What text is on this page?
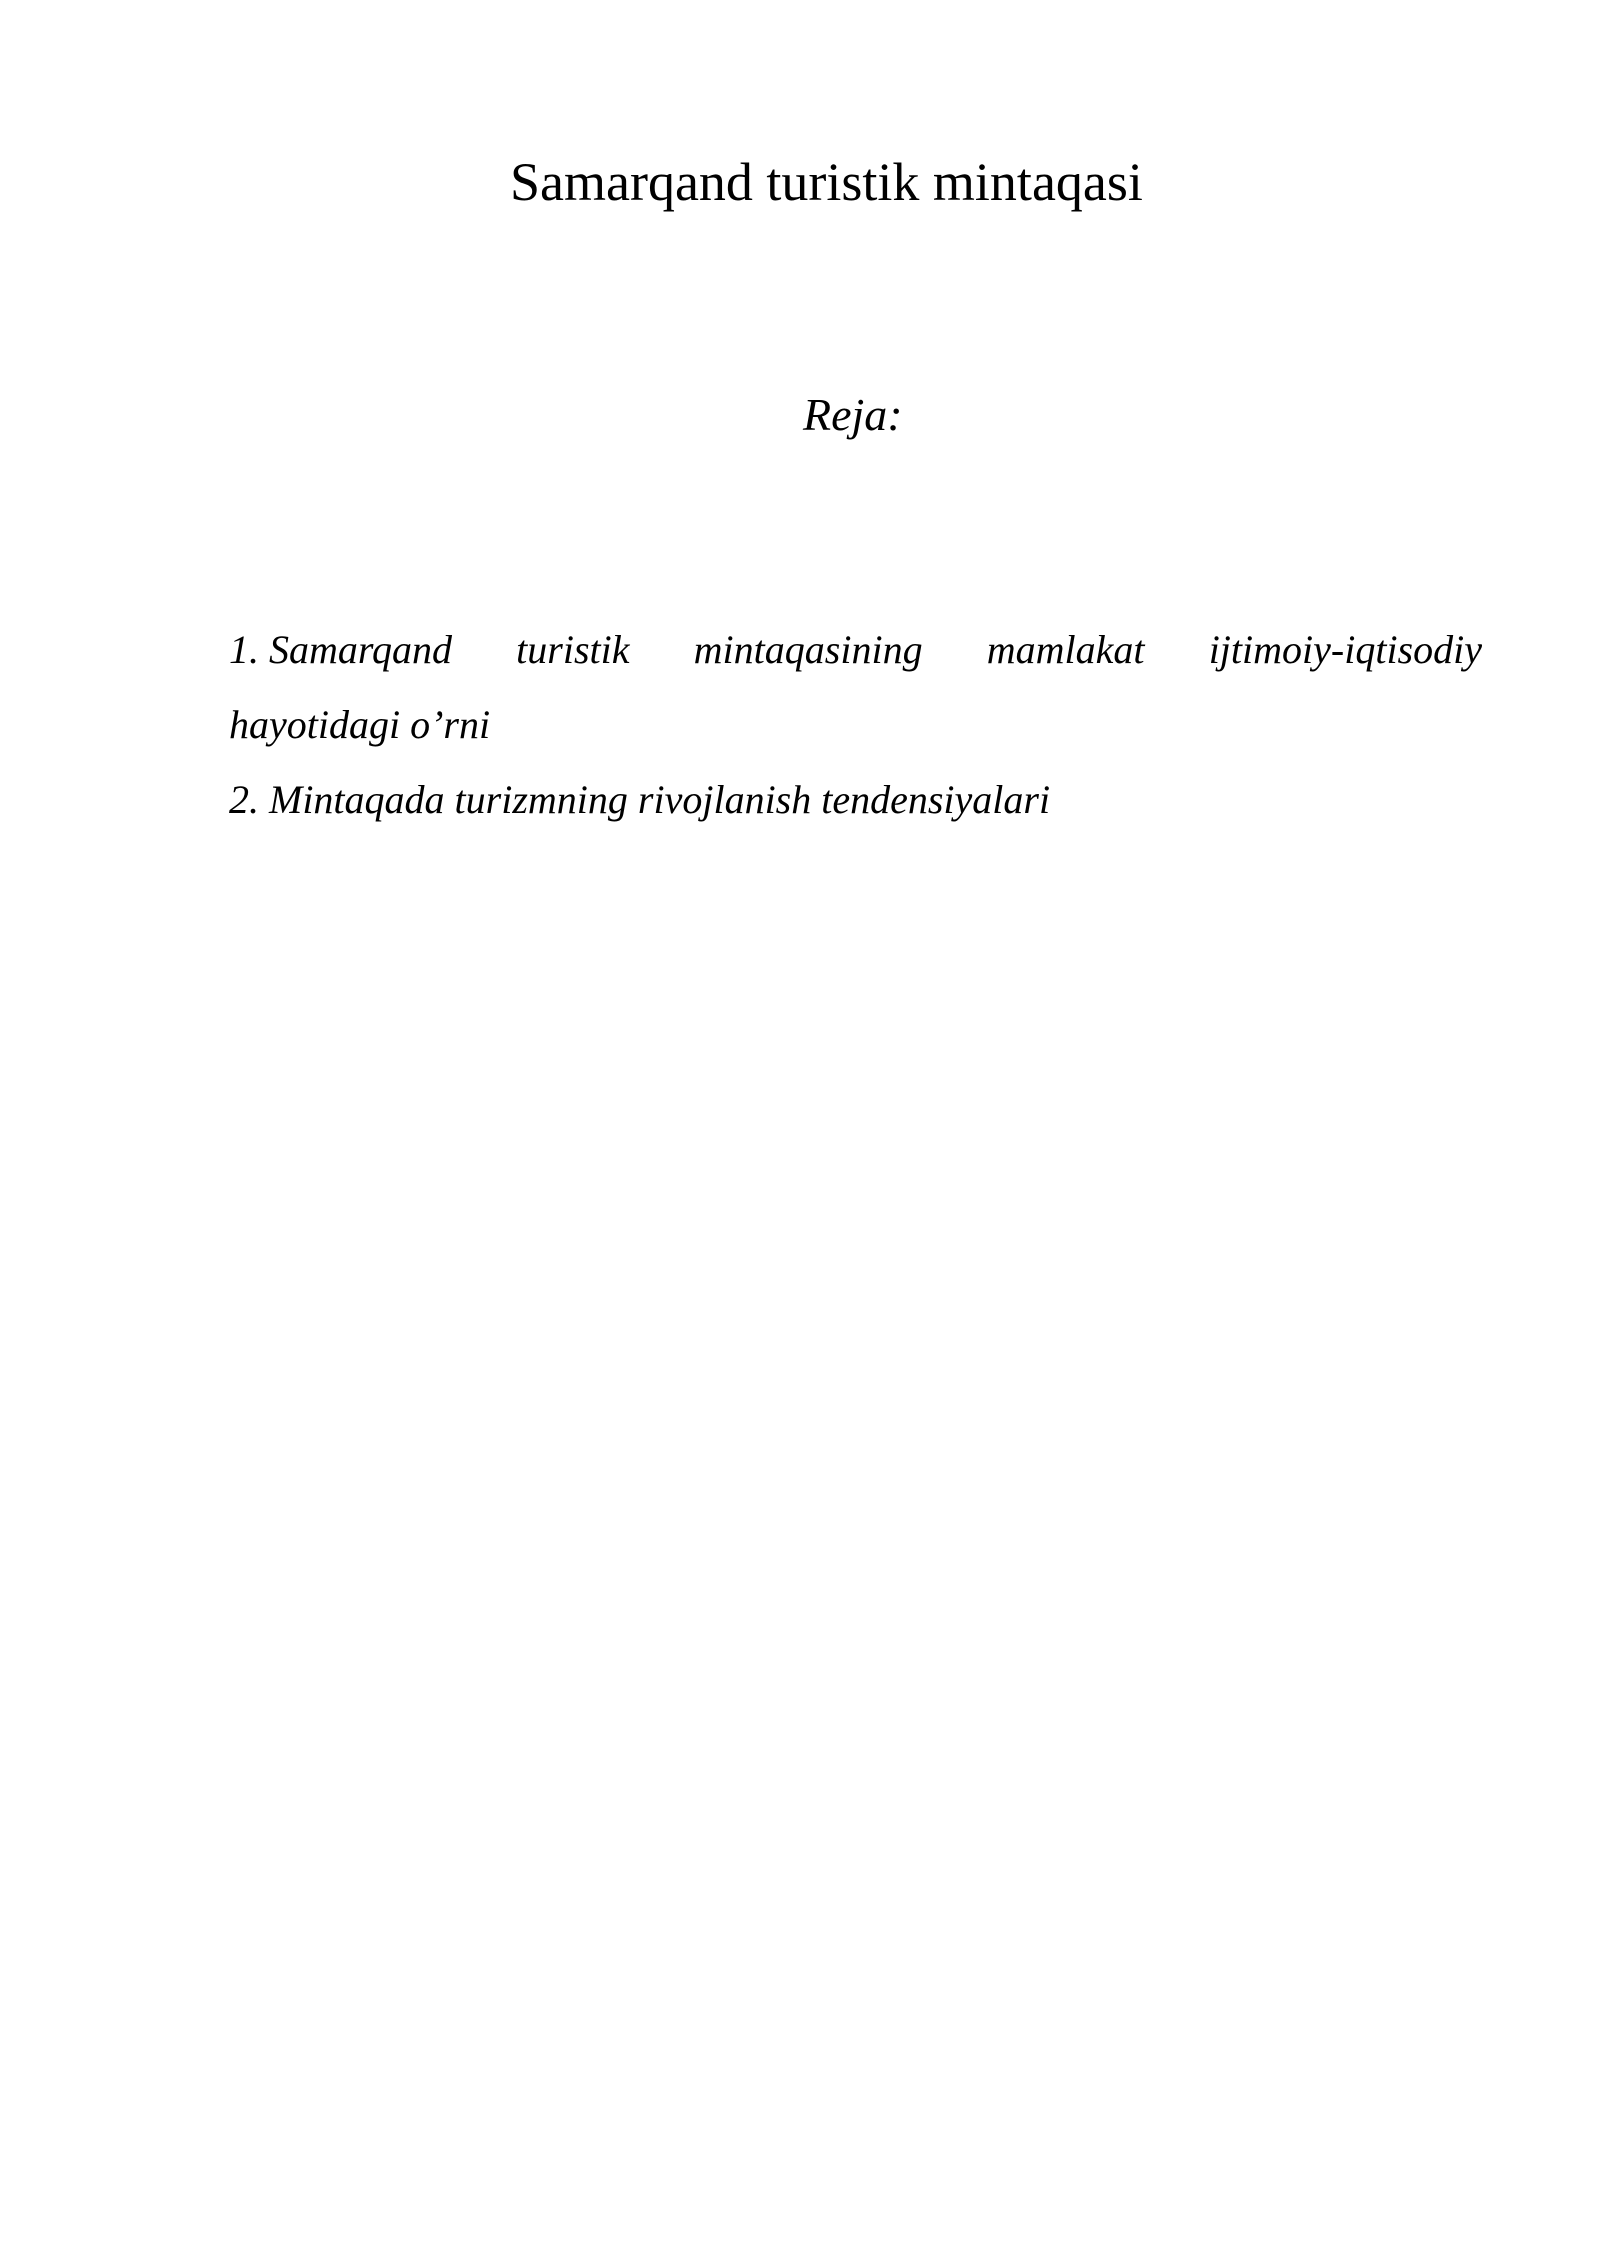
Samarqand turistik mintaqasi
Reja:
1. Samarqand turistik mintaqasining mamlakat ijtimoiy-iqtisodiy
hayotidagi o’rni
2. Mintaqada turizmning rivojlanish tendensiyalari
